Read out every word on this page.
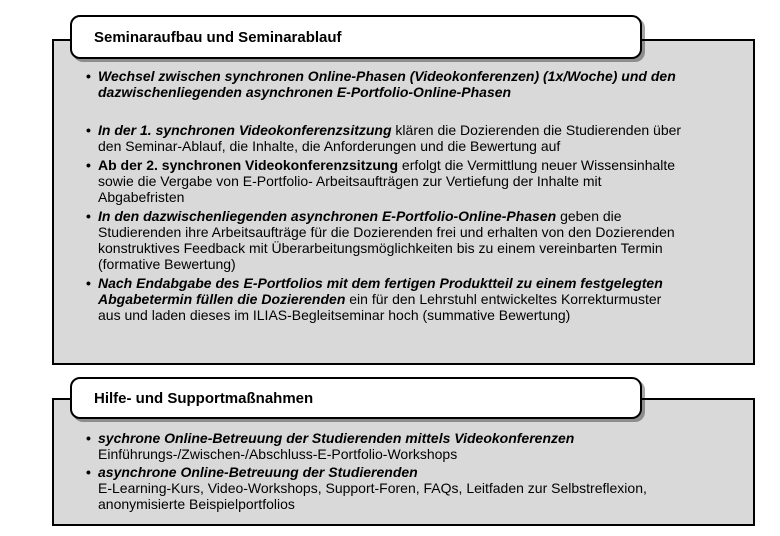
Seminaraufbau und Seminarablauf
• Wechsel zwischen synchronen Online-Phasen (Videokonferenzen) (1x/Woche) und den dazwischenliegenden asynchronen E-Portfolio-Online-Phasen
• In der 1. synchronen Videokonferenzsitzung klären die Dozierenden die Studierenden über den Seminar-Ablauf, die Inhalte, die Anforderungen und die Bewertung auf
• Ab der 2. synchronen Videokonferenzsitzung erfolgt die Vermittlung neuer Wissensinhalte sowie die Vergabe von E-Portfolio- Arbeitsaufträgen zur Vertiefung der Inhalte mit Abgabefristen
• In den dazwischenliegenden asynchronen E-Portfolio-Online-Phasen geben die Studierenden ihre Arbeitsaufträge für die Dozierenden frei und erhalten von den Dozierenden konstruktives Feedback mit Überarbeitungsmöglichkeiten bis zu einem vereinbarten Termin (formative Bewertung)
• Nach Endabgabe des E-Portfolios mit dem fertigen Produktteil zu einem festgelegten Abgabetermin füllen die Dozierenden ein für den Lehrstuhl entwickeltes Korrekturmuster aus und laden dieses im ILIAS-Begleitseminar hoch (summative Bewertung)
Hilfe- und Supportmaßnahmen
• sychrone Online-Betreuung der Studierenden mittels Videokonferenzen
Einführungs-/Zwischen-/Abschluss-E-Portfolio-Workshops
• asynchrone Online-Betreuung der Studierenden
E-Learning-Kurs, Video-Workshops, Support-Foren, FAQs, Leitfaden zur Selbstreflexion, anonymisierte Beispielportfolios
